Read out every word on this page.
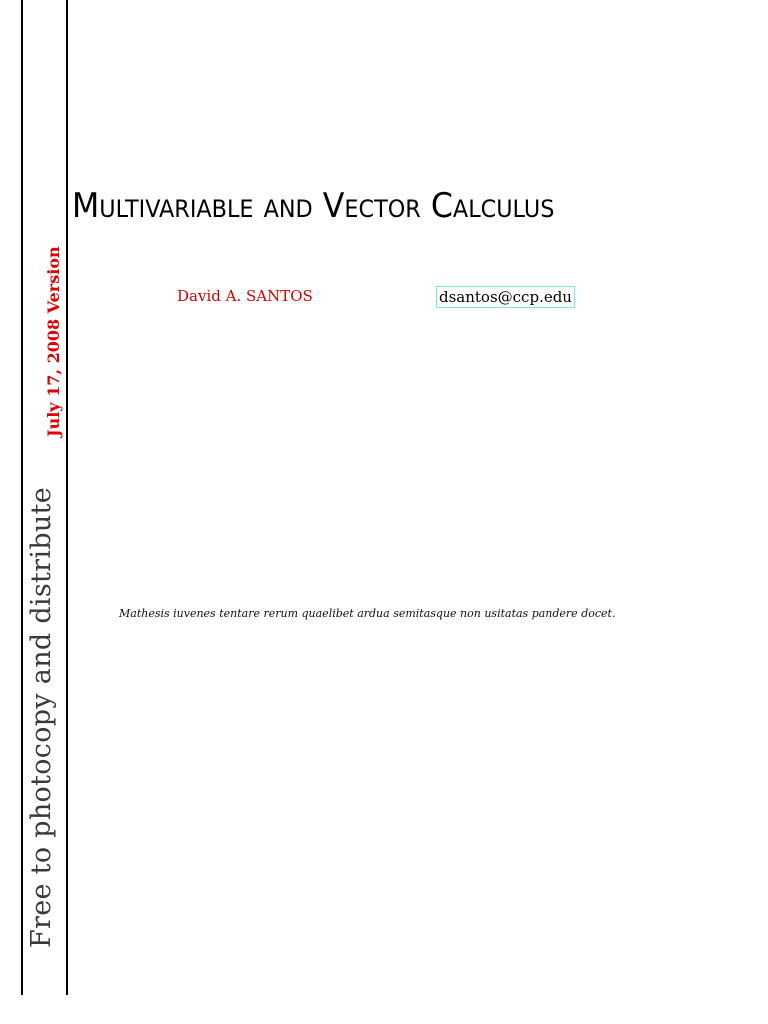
Free to photocopy and distribute
July 17, 2008 Version
Multivariable and Vector Calculus
David A. SANTOS	dsantos@ccp.edu
Mathesis iuvenes tentare rerum quaelibet ardua semitasque non usitatas pandere docet.
